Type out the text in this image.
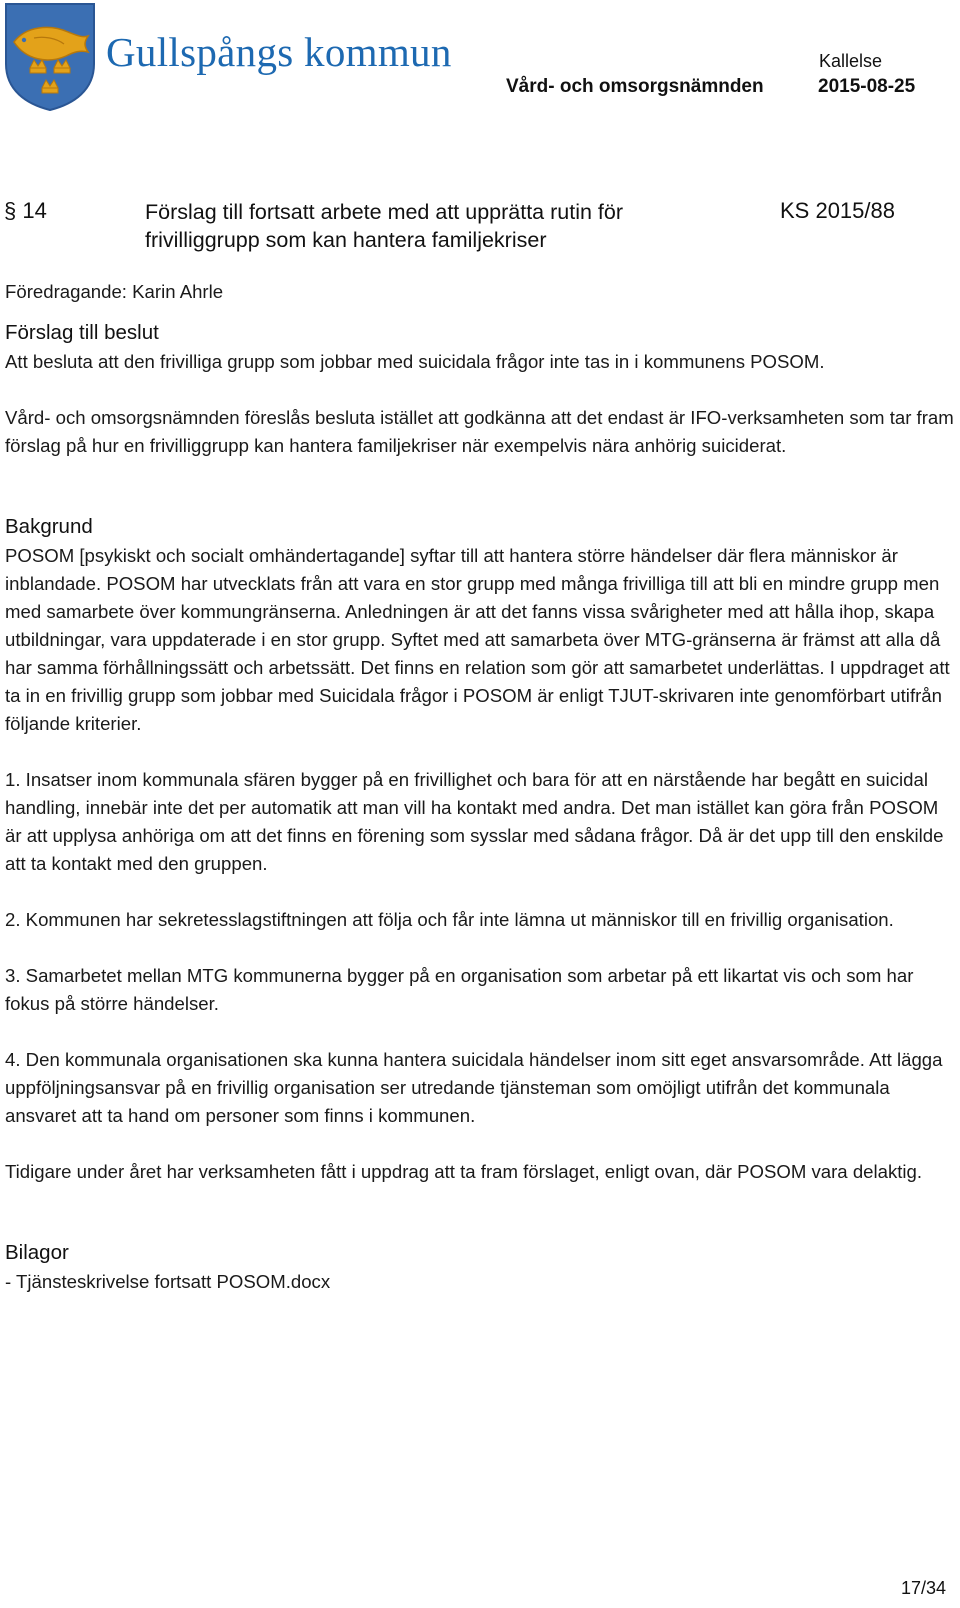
Gullspångs kommun	Kallelse
Vård- och omsorgsnämnden	2015-08-25
§ 14	Förslag till fortsatt arbete med att upprätta rutin för frivilliggrupp som kan hantera familjekriser
KS 2015/88

Föredragande: Karin Ahrle

Förslag till beslut

Att besluta att den frivilliga grupp som jobbar med suicidala frågor inte tas in i kommunens POSOM.

Vård- och omsorgsnämnden föreslås besluta istället att godkänna att det endast är IFO-verksamheten som tar fram förslag på hur en frivilliggrupp kan hantera familjekriser när exempelvis nära anhörig suiciderat.

Bakgrund

POSOM [psykiskt och socialt omhändertagande] syftar till att hantera större händelser där flera människor är inblandade. POSOM har utvecklats från att vara en stor grupp med många frivilliga till att bli en mindre grupp men med samarbete över kommungränserna. Anledningen är att det fanns vissa svårigheter med att hålla ihop, skapa utbildningar, vara uppdaterade i en stor grupp. Syftet med att samarbeta över MTG-gränserna är främst att alla då har samma förhållningssätt och arbetssätt. Det finns en relation som gör att samarbetet underlättas. I uppdraget att ta in en frivillig grupp som jobbar med Suicidala frågor i POSOM är enligt TJUT-skrivaren inte genomförbart utifrån följande kriterier.

1. Insatser inom kommunala sfären bygger på en frivillighet och bara för att en närstående har begått en suicidal handling, innebär inte det per automatik att man vill ha kontakt med andra. Det man istället kan göra från POSOM är att upplysa anhöriga om att det finns en förening som sysslar med sådana frågor. Då är det upp till den enskilde att ta kontakt med den gruppen.

2. Kommunen har sekretesslagstiftningen att följa och får inte lämna ut människor till en frivillig organisation.

3. Samarbetet mellan MTG kommunerna bygger på en organisation som arbetar på ett likartat vis och som har fokus på större händelser.

4. Den kommunala organisationen ska kunna hantera suicidala händelser inom sitt eget ansvarsområde. Att lägga uppföljningsansvar på en frivillig organisation ser utredande tjänsteman som omöjligt utifrån det kommunala ansvaret att ta hand om personer som finns i kommunen.

Tidigare under året har verksamheten fått i uppdrag att ta fram förslaget, enligt ovan, där POSOM vara delaktig.

Bilagor

- Tjänsteskrivelse fortsatt POSOM.docx

17/34
